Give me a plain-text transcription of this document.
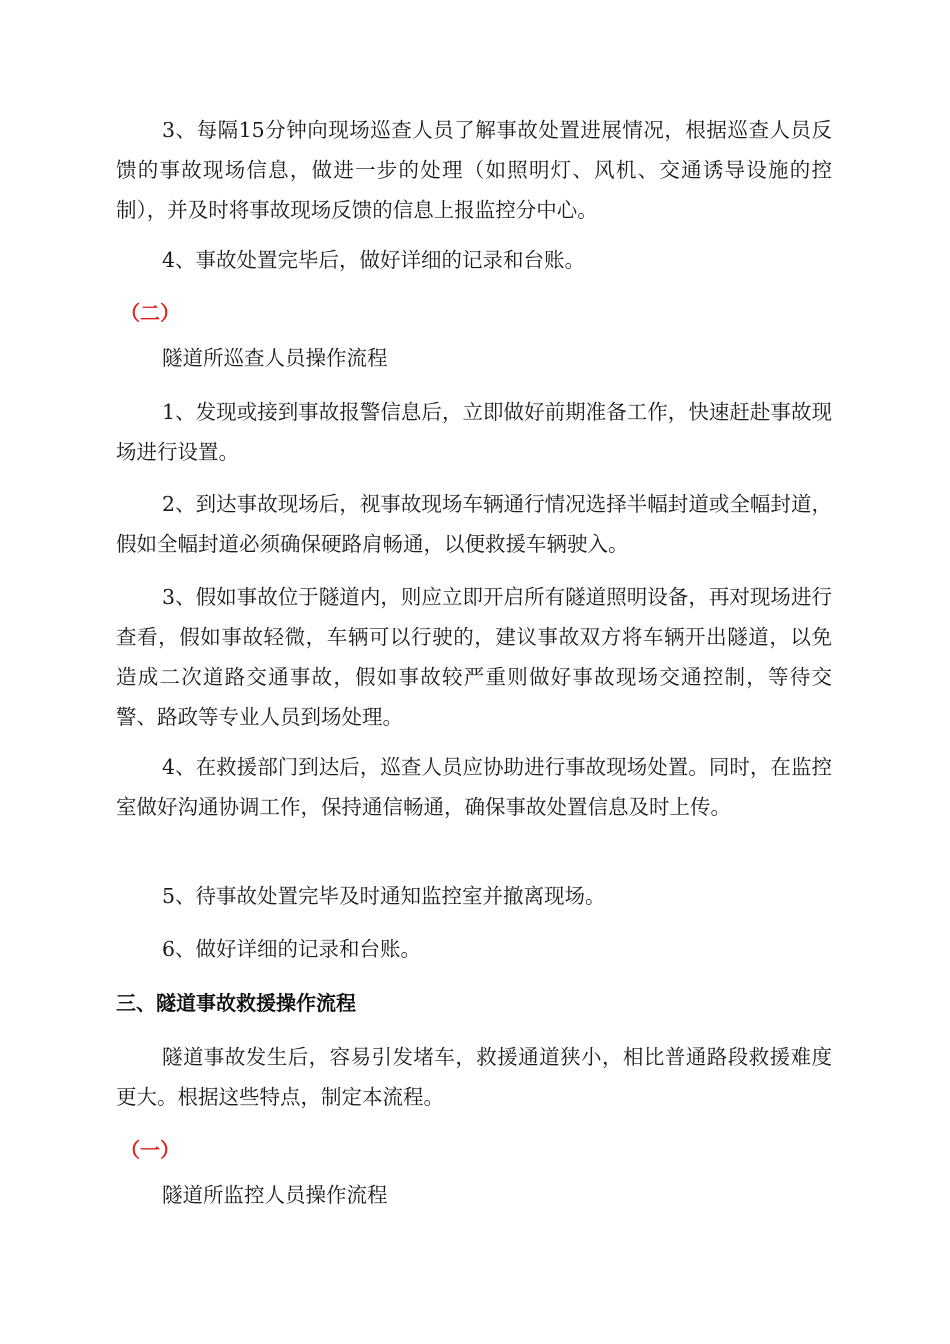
3、每隔15分钟向现场巡查人员了解事故处置进展情况，根据巡查人员反馈的事故现场信息，做进一步的处理（如照明灯、风机、交通诱导设施的控制），并及时将事故现场反馈的信息上报监控分中心。

4、事故处置完毕后，做好详细的记录和台账。

（二）

隧道所巡查人员操作流程

1、发现或接到事故报警信息后，立即做好前期准备工作，快速赶赴事故现场进行设置。

2、到达事故现场后，视事故现场车辆通行情况选择半幅封道或全幅封道，假如全幅封道必须确保硬路肩畅通，以便救援车辆驶入。

3、假如事故位于隧道内，则应立即开启所有隧道照明设备，再对现场进行查看，假如事故轻微，车辆可以行驶的，建议事故双方将车辆开出隧道，以免造成二次道路交通事故，假如事故较严重则做好事故现场交通控制，等待交警、路政等专业人员到场处理。

4、在救援部门到达后，巡查人员应协助进行事故现场处置。同时，在监控室做好沟通协调工作，保持通信畅通，确保事故处置信息及时上传。

5、待事故处置完毕及时通知监控室并撤离现场。

6、做好详细的记录和台账。

三、隧道事故救援操作流程

隧道事故发生后，容易引发堵车，救援通道狭小，相比普通路段救援难度更大。根据这些特点，制定本流程。

（一）

隧道所监控人员操作流程
